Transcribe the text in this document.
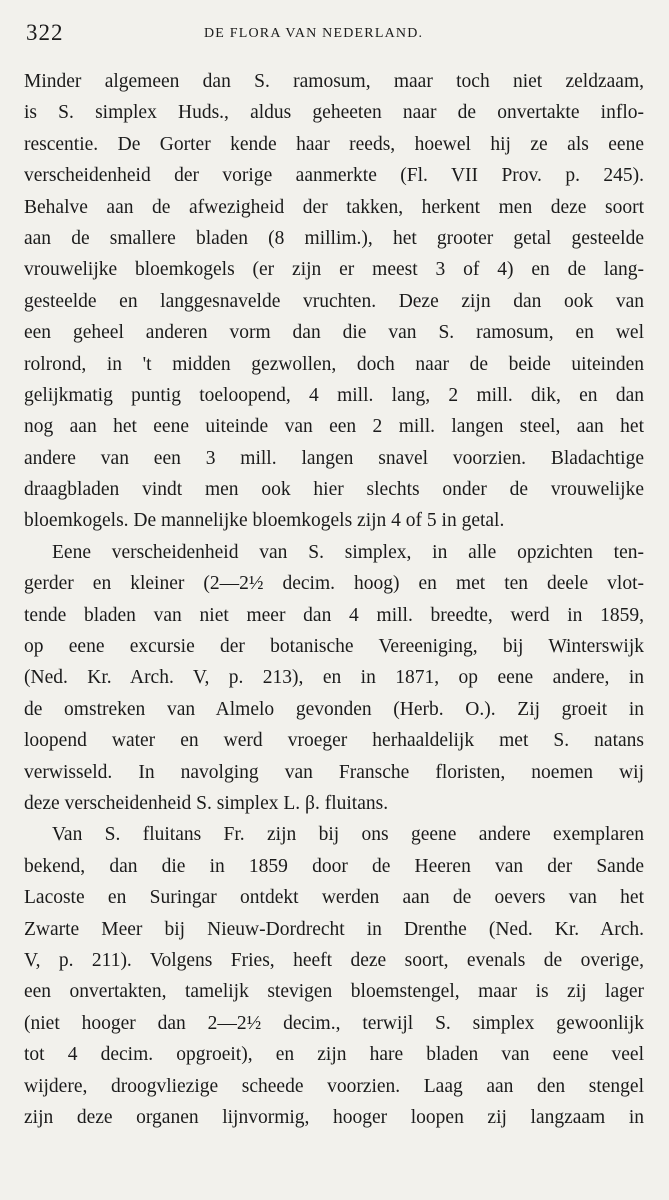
322	DE FLORA VAN NEDERLAND.
Minder algemeen dan S. ramosum, maar toch niet zeldzaam,
is S. simplex Huds., aldus geheeten naar de onvertakte inflo-
rescentie. De Gorter kende haar reeds, hoewel hij ze als eene
verscheidenheid der vorige aanmerkte (Fl. VII Prov. p. 245).
Behalve aan de afwezigheid der takken, herkent men deze soort
aan de smallere bladen (8 millim.), het grooter getal gesteelde
vrouwelijke bloemkogels (er zijn er meest 3 of 4) en de lang-
gesteelde en langgesnavelde vruchten. Deze zijn dan ook van
een geheel anderen vorm dan die van S. ramosum, en wel
rolrond, in 't midden gezwollen, doch naar de beide uiteinden
gelijkmatig puntig toeloopend, 4 mill. lang, 2 mill. dik, en dan
nog aan het eene uiteinde van een 2 mill. langen steel, aan het
andere van een 3 mill. langen snavel voorzien. Bladachtige
draagbladen vindt men ook hier slechts onder de vrouwelijke
bloemkogels. De mannelijke bloemkogels zijn 4 of 5 in getal.
Eene verscheidenheid van S. simplex, in alle opzichten ten-
gerder en kleiner (2—2½ decim. hoog) en met ten deele vlot-
tende bladen van niet meer dan 4 mill. breedte, werd in 1859,
op eene excursie der botanische Vereeniging, bij Winterswijk
(Ned. Kr. Arch. V, p. 213), en in 1871, op eene andere, in
de omstreken van Almelo gevonden (Herb. O.). Zij groeit in
loopend water en werd vroeger herhaaldelijk met S. natans
verwisseld. In navolging van Fransche floristen, noemen wij
deze verscheidenheid S. simplex L. β. fluitans.
Van S. fluitans Fr. zijn bij ons geene andere exemplaren
bekend, dan die in 1859 door de Heeren van der Sande
Lacoste en Suringar ontdekt werden aan de oevers van het
Zwarte Meer bij Nieuw-Dordrecht in Drenthe (Ned. Kr. Arch.
V, p. 211). Volgens Fries, heeft deze soort, evenals de overige,
een onvertakten, tamelijk stevigen bloemstengel, maar is zij lager
(niet hooger dan 2—2½ decim., terwijl S. simplex gewoonlijk
tot 4 decim. opgroeit), en zijn hare bladen van eene veel
wijdere, droogvliezige scheede voorzien. Laag aan den stengel
zijn deze organen lijnvormig, hooger loopen zij langzaam in
